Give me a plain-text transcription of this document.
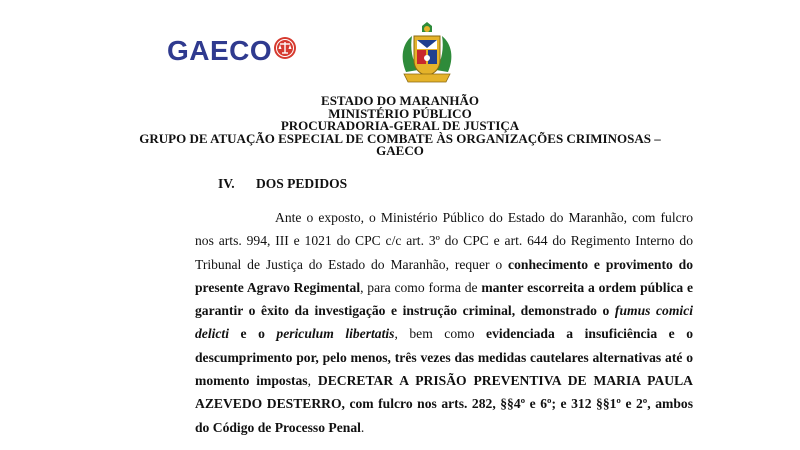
GAECO
ESTADO DO MARANHÃO
MINISTÉRIO PÚBLICO
PROCURADORIA-GERAL DE JUSTIÇA
GRUPO DE ATUAÇÃO ESPECIAL DE COMBATE ÀS ORGANIZAÇÕES CRIMINOSAS –
GAECO
IV. DOS PEDIDOS

Ante o exposto, o Ministério Público do Estado do Maranhão, com fulcro nos arts. 994, III e 1021 do CPC c/c art. 3º do CPC e art. 644 do Regimento Interno do Tribunal de Justiça do Estado do Maranhão, requer o conhecimento e provimento do presente Agravo Regimental, para como forma de manter escorreita a ordem pública e garantir o êxito da investigação e instrução criminal, demonstrado o fumus comici delicti e o periculum libertatis, bem como evidenciada a insuficiência e o descumprimento por, pelo menos, três vezes das medidas cautelares alternativas até o momento impostas, DECRETAR A PRISÃO PREVENTIVA DE MARIA PAULA AZEVEDO DESTERRO, com fulcro nos arts. 282, §§4º e 6º; e 312 §§1º e 2º, ambos do Código de Processo Penal.
